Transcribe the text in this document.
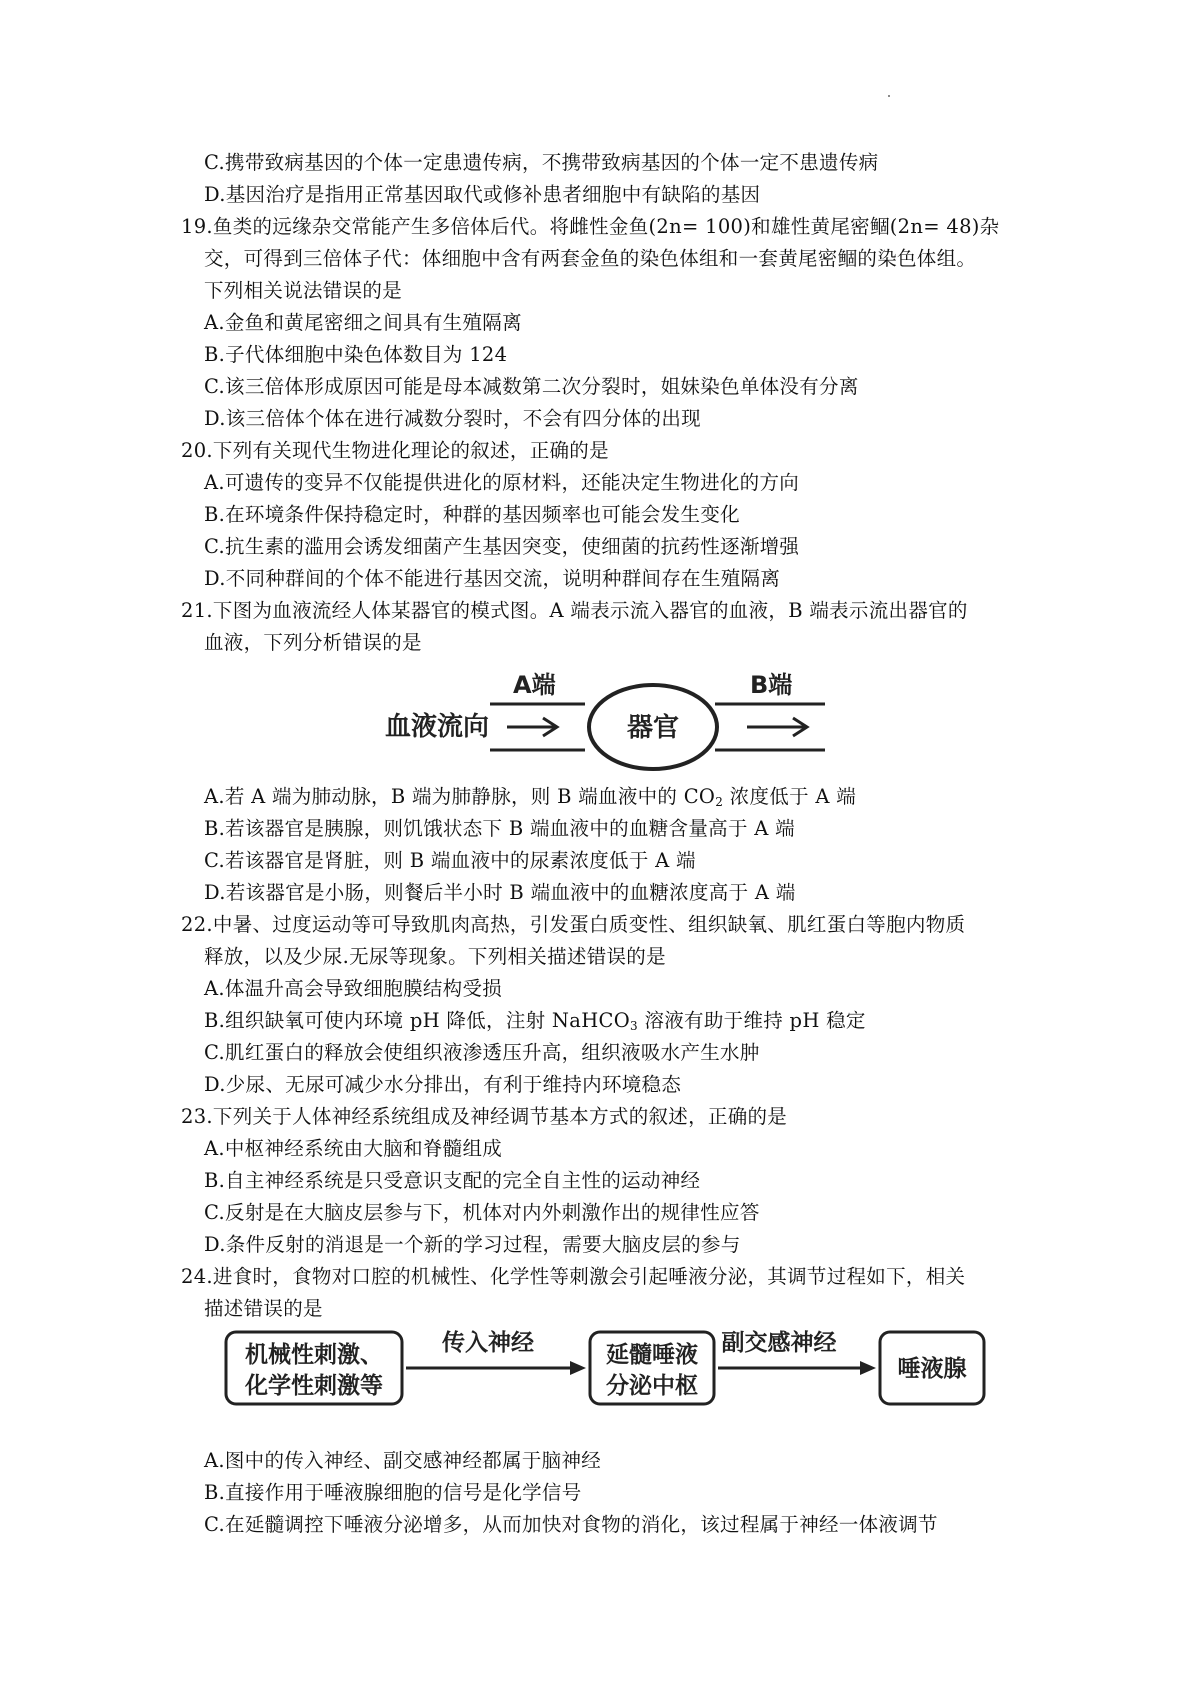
C.携带致病基因的个体一定患遗传病，不携带致病基因的个体一定不患遗传病
D.基因治疗是指用正常基因取代或修补患者细胞中有缺陷的基因
19.鱼类的远缘杂交常能产生多倍体后代。将雌性金鱼(2n= 100)和雄性黄尾密鲴(2n= 48)杂
交，可得到三倍体子代：体细胞中含有两套金鱼的染色体组和一套黄尾密鲴的染色体组。
下列相关说法错误的是
A.金鱼和黄尾密细之间具有生殖隔离
B.子代体细胞中染色体数目为 124
C.该三倍体形成原因可能是母本减数第二次分裂时，姐妹染色单体没有分离
D.该三倍体个体在进行减数分裂时，不会有四分体的出现
20.下列有关现代生物进化理论的叙述，正确的是
A.可遗传的变异不仅能提供进化的原材料，还能决定生物进化的方向
B.在环境条件保持稳定时，种群的基因频率也可能会发生变化
C.抗生素的滥用会诱发细菌产生基因突变，使细菌的抗药性逐渐增强
D.不同种群间的个体不能进行基因交流，说明种群间存在生殖隔离
21.下图为血液流经人体某器官的模式图。A 端表示流入器官的血液，B 端表示流出器官的
血液，下列分析错误的是
血液流向
A端
器官
B端
A.若 A 端为肺动脉，B 端为肺静脉，则 B 端血液中的 $CO_2$ 浓度低于 A 端
B.若该器官是胰腺，则饥饿状态下 B 端血液中的血糖含量高于 A 端
C.若该器官是肾脏，则 B 端血液中的尿素浓度低于 A 端
D.若该器官是小肠，则餐后半小时 B 端血液中的血糖浓度高于 A 端
22.中暑、过度运动等可导致肌肉高热，引发蛋白质变性、组织缺氧、肌红蛋白等胞内物质
释放，以及少尿.无尿等现象。下列相关描述错误的是
A.体温升高会导致细胞膜结构受损
B.组织缺氧可使内环境 pH 降低，注射 NaHCO$_3$ 溶液有助于维持 pH 稳定
C.肌红蛋白的释放会使组织液渗透压升高，组织液吸水产生水肿
D.少尿、无尿可减少水分排出，有利于维持内环境稳态
23.下列关于人体神经系统组成及神经调节基本方式的叙述，正确的是
A.中枢神经系统由大脑和脊髓组成
B.自主神经系统是只受意识支配的完全自主性的运动神经
C.反射是在大脑皮层参与下，机体对内外刺激作出的规律性应答
D.条件反射的消退是一个新的学习过程，需要大脑皮层的参与
24.进食时，食物对口腔的机械性、化学性等刺激会引起唾液分泌，其调节过程如下，相关
描述错误的是
机械性刺激、
化学性刺激等
传入神经	延髓唾液
分泌中枢
副交感神经
唾液腺
A.图中的传入神经、副交感神经都属于脑神经
B.直接作用于唾液腺细胞的信号是化学信号
C.在延髓调控下唾液分泌增多，从而加快对食物的消化，该过程属于神经一体液调节
